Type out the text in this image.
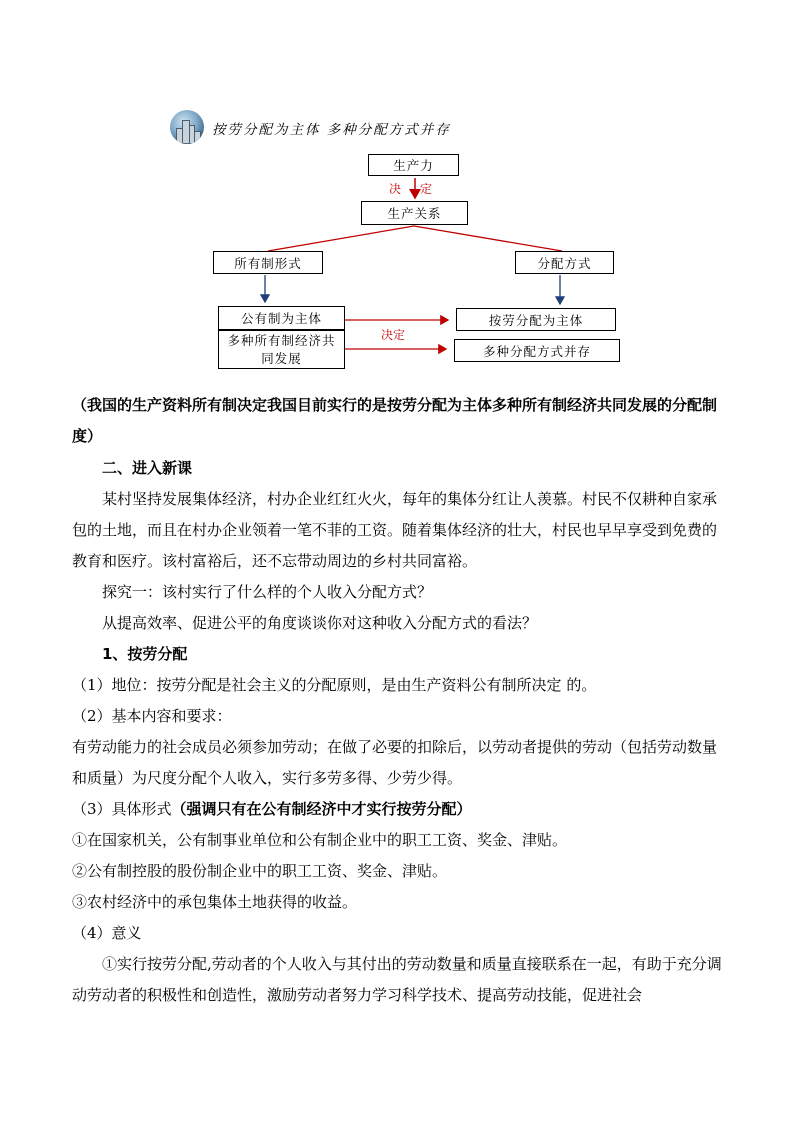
按劳分配为主体 多种分配方式并存
生产力
决 定
生产关系
所有制形式	分配方式
公有制为主体
多种所有制经济共同发展
决定
按劳分配为主体
多种分配方式并存
（我国的生产资料所有制决定我国目前实行的是按劳分配为主体多种所有制经济共同发展的分配制度）
二、进入新课
某村坚持发展集体经济，村办企业红红火火，每年的集体分红让人羡慕。村民不仅耕种自家承包的土地，而且在村办企业领着一笔不菲的工资。随着集体经济的壮大，村民也早早享受到免费的教育和医疗。该村富裕后，还不忘带动周边的乡村共同富裕。
探究一：该村实行了什么样的个人收入分配方式？
从提高效率、促进公平的角度谈谈你对这种收入分配方式的看法？
1、按劳分配
（1）地位：按劳分配是社会主义的分配原则，是由生产资料公有制所决定 的。
（2）基本内容和要求：
有劳动能力的社会成员必须参加劳动；在做了必要的扣除后，以劳动者提供的劳动（包括劳动数量和质量）为尺度分配个人收入，实行多劳多得、少劳少得。
（3）具体形式（强调只有在公有制经济中才实行按劳分配）
①在国家机关，公有制事业单位和公有制企业中的职工工资、奖金、津贴。
②公有制控股的股份制企业中的职工工资、奖金、津贴。
③农村经济中的承包集体土地获得的收益。
（4）意义
①实行按劳分配,劳动者的个人收入与其付出的劳动数量和质量直接联系在一起，有助于充分调动劳动者的积极性和创造性，激励劳动者努力学习科学技术、提高劳动技能，促进社会
